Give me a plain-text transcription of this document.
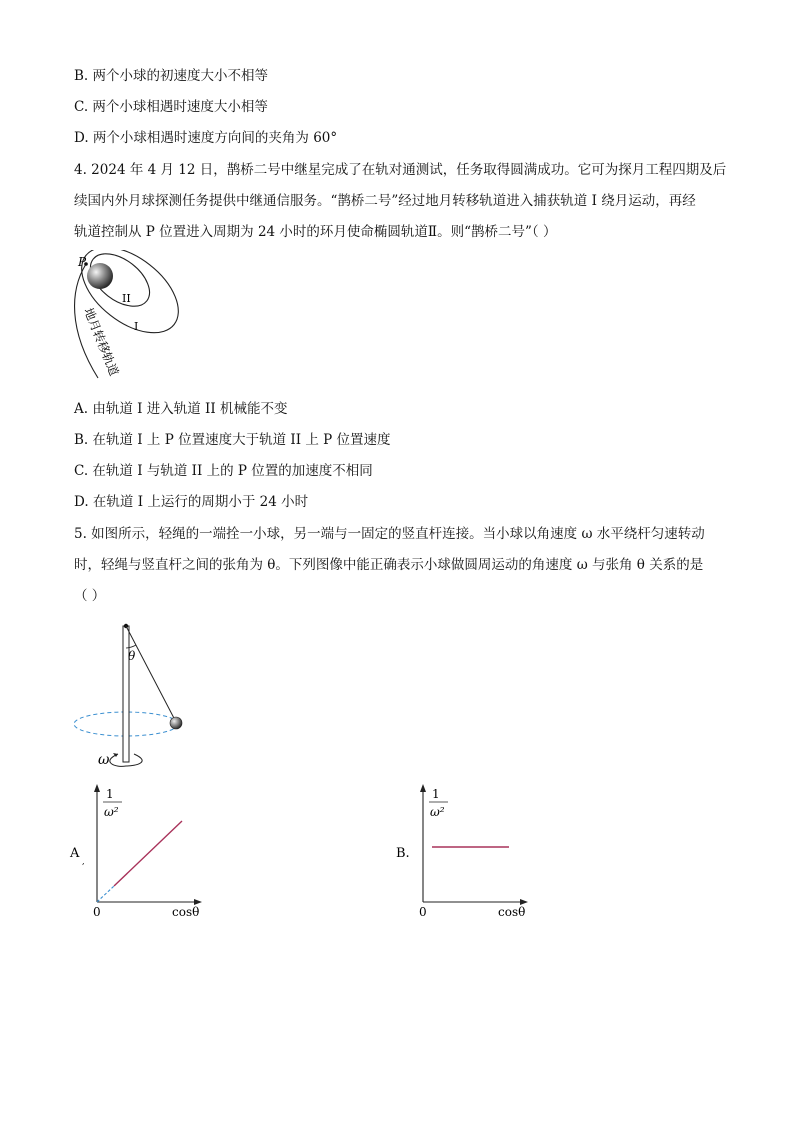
B. 两个小球的初速度大小不相等
C. 两个小球相遇时速度大小相等
D. 两个小球相遇时速度方向间的夹角为 60°
4. 2024 年 4 月 12 日，鹊桥二号中继星完成了在轨对通测试，任务取得圆满成功。它可为探月工程四期及后
续国内外月球探测任务提供中继通信服务。“鹊桥二号”经过地月转移轨道进入捕获轨道 I 绕月运动，再经
轨道控制从 P 位置进入周期为 24 小时的环月使命椭圆轨道Ⅱ。则“鹊桥二号”（ ）
P
II
I
地月转移轨道
A. 由轨道 I 进入轨道 II 机械能不变
B. 在轨道 I 上 P 位置速度大于轨道 II 上 P 位置速度
C. 在轨道 I 与轨道 II 上的 P 位置的加速度不相同
D. 在轨道 I 上运行的周期小于 24 小时
5. 如图所示，轻绳的一端拴一小球，另一端与一固定的竖直杆连接。当小球以角速度 ω 水平绕杆匀速转动
时，轻绳与竖直杆之间的张角为 θ。下列图像中能正确表示小球做圆周运动的角速度 ω 与张角 θ 关系的是
（ ）
θ
ω
A
,
1
ω²
0	cosθ
B.
1
ω²
0	cosθ
